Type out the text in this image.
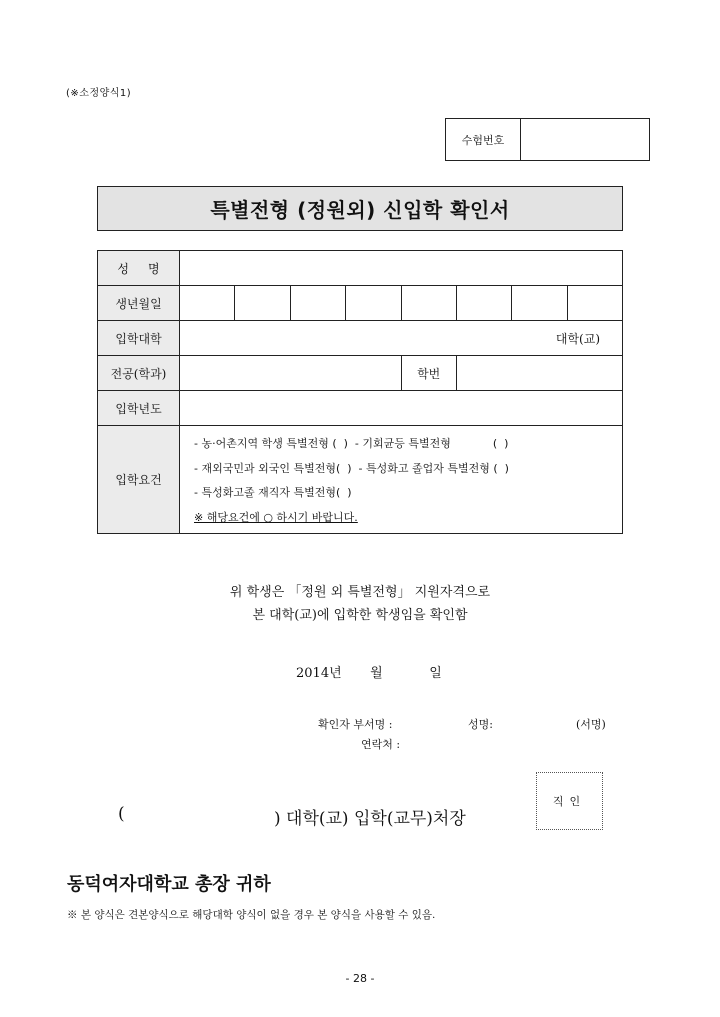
(※소정양식1)
수험번호
특별전형 (정원외) 신입학 확인서
성     명								
생년월일								
입학대학	대학(교)							
전공(학과)					학번			
입학년도								
입학요건	- 농·어촌지역 학생 특별전형 (  )  - 기회균등 특별전형            (  )
- 재외국민과 외국인 특별전형(  )  - 특성화고 졸업자 특별전형 (  )
- 특성화고졸 재직자 특별전형(  )
※ 해당요건에 ○ 하시기 바랍니다.							
위 학생은 「정원 외 특별전형」 지원자격으로
본 대학(교)에 입학한 학생임을 확인함
2014년 월	일
확인자 부서명 :	성명:	(서명)
연락처 :
직인
(	) 대학(교) 입학(교무)처장
동덕여자대학교 총장 귀하
※ 본 양식은 견본양식으로 해당대학 양식이 없을 경우 본 양식을 사용할 수 있음.
- 28 -
